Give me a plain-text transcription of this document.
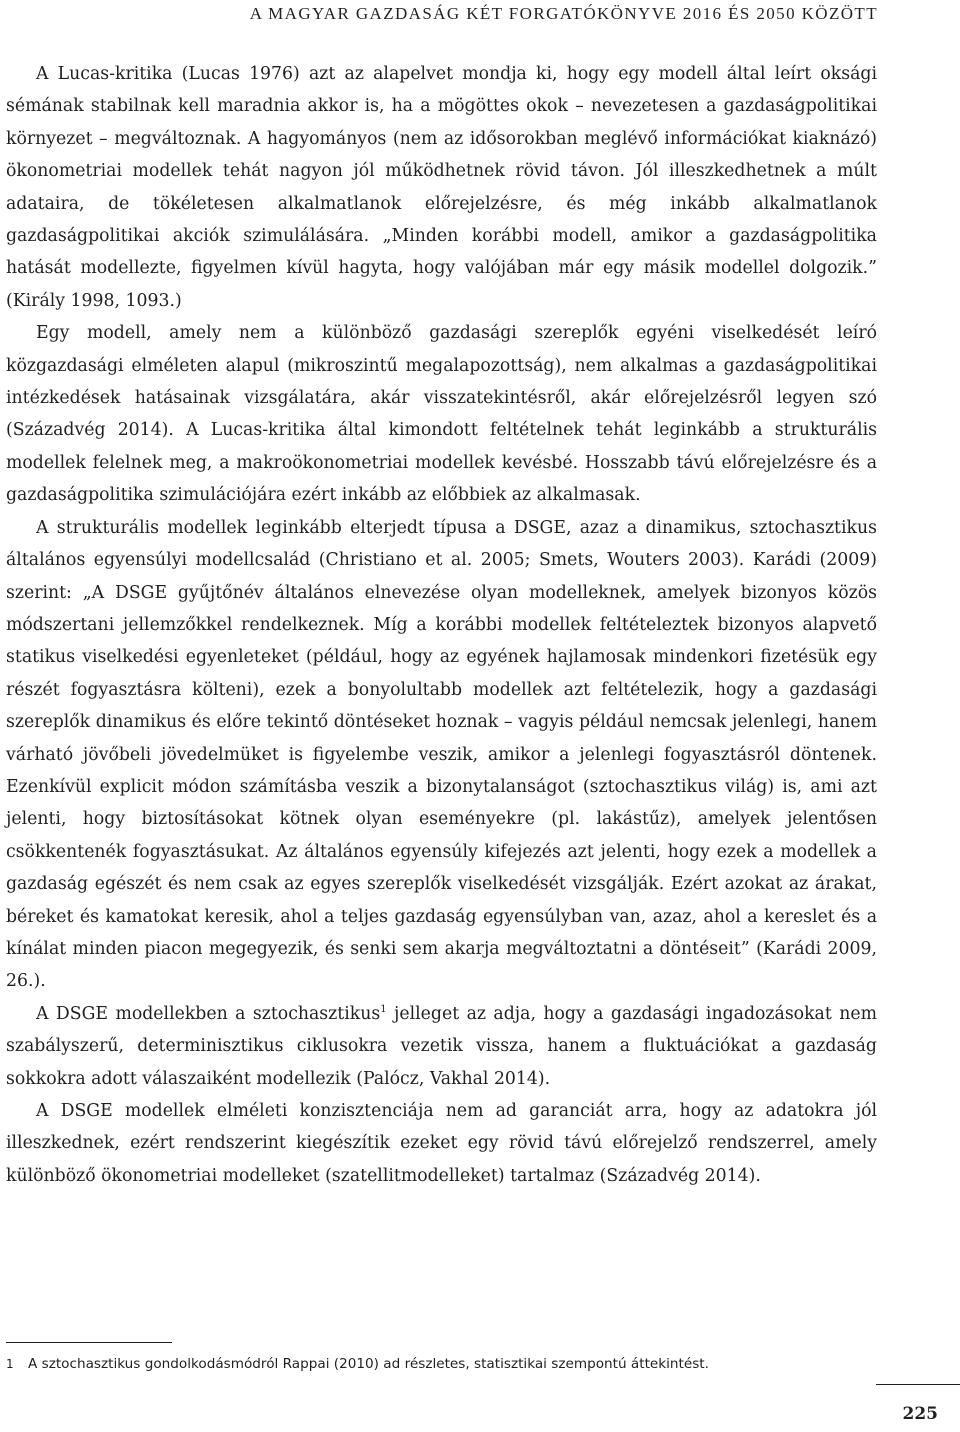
A MAGYAR GAZDASÁG KÉT FORGATÓKÖNYVE 2016 ÉS 2050 KÖZÖTT

A Lucas-kritika (Lucas 1976) azt az alapelvet mondja ki, hogy egy modell által leírt oksági sémának stabilnak kell maradnia akkor is, ha a mögöttes okok – nevezetesen a gazdaságpolitikai környezet – megváltoznak. A hagyományos (nem az idősorokban meglévő információkat kiaknázó) ökonometriai modellek tehát nagyon jól működhetnek rövid távon. Jól illeszkedhetnek a múlt adataira, de tökéletesen alkalmatlanok előrejelzésre, és még inkább alkalmatlanok gazdaságpolitikai akciók szimulálására. „Minden korábbi modell, amikor a gazdaságpolitika hatását modellezte, figyelmen kívül hagyta, hogy valójában már egy másik modellel dolgozik.” (Király 1998, 1093.)

Egy modell, amely nem a különböző gazdasági szereplők egyéni viselkedését leíró közgazdasági elméleten alapul (mikroszintű megalapozottság), nem alkalmas a gazdaságpolitikai intézkedések hatásainak vizsgálatára, akár visszatekintésről, akár előrejelzésről legyen szó (Századvég 2014). A Lucas-kritika által kimondott feltételnek tehát leginkább a strukturális modellek felelnek meg, a makroökonometriai modellek kevésbé. Hosszabb távú előrejelzésre és a gazdaságpolitika szimulációjára ezért inkább az előbbiek az alkalmasak.

A strukturális modellek leginkább elterjedt típusa a DSGE, azaz a dinamikus, sztochasztikus általános egyensúlyi modellcsalád (Christiano et al. 2005; Smets, Wouters 2003). Karádi (2009) szerint: „A DSGE gyűjtőnév általános elnevezése olyan modelleknek, amelyek bizonyos közös módszertani jellemzőkkel rendelkeznek. Míg a korábbi modellek feltételeztek bizonyos alapvető statikus viselkedési egyenleteket (például, hogy az egyének hajlamosak mindenkori fizetésük egy részét fogyasztásra költeni), ezek a bonyolultabb modellek azt feltételezik, hogy a gazdasági szereplők dinamikus és előre tekintő döntéseket hoznak – vagyis például nemcsak jelenlegi, hanem várható jövőbeli jövedelmüket is figyelembe veszik, amikor a jelenlegi fogyasztásról döntenek. Ezenkívül explicit módon számításba veszik a bizonytalanságot (sztochasztikus világ) is, ami azt jelenti, hogy biztosításokat kötnek olyan eseményekre (pl. lakástűz), amelyek jelentősen csökkentenék fogyasztásukat. Az általános egyensúly kifejezés azt jelenti, hogy ezek a modellek a gazdaság egészét és nem csak az egyes szereplők viselkedését vizsgálják. Ezért azokat az árakat, béreket és kamatokat keresik, ahol a teljes gazdaság egyensúlyban van, azaz, ahol a kereslet és a kínálat minden piacon megegyezik, és senki sem akarja megváltoztatni a döntéseit” (Karádi 2009, 26.).

A DSGE modellekben a sztochasztikus$^1$ jelleget az adja, hogy a gazdasági ingadozásokat nem szabályszerű, determinisztikus ciklusokra vezetik vissza, hanem a fluktuációkat a gazdaság sokkokra adott válaszaiként modellezik (Palócz, Vakhal 2014).

A DSGE modellek elméleti konzisztenciája nem ad garanciát arra, hogy az adatokra jól illeszkednek, ezért rendszerint kiegészítik ezeket egy rövid távú előrejelző rendszerrel, amely különböző ökonometriai modelleket (szatellitmodelleket) tartalmaz (Századvég 2014).

1 A sztochasztikus gondolkodásmódról Rappai (2010) ad részletes, statisztikai szempontú áttekintést.
225
